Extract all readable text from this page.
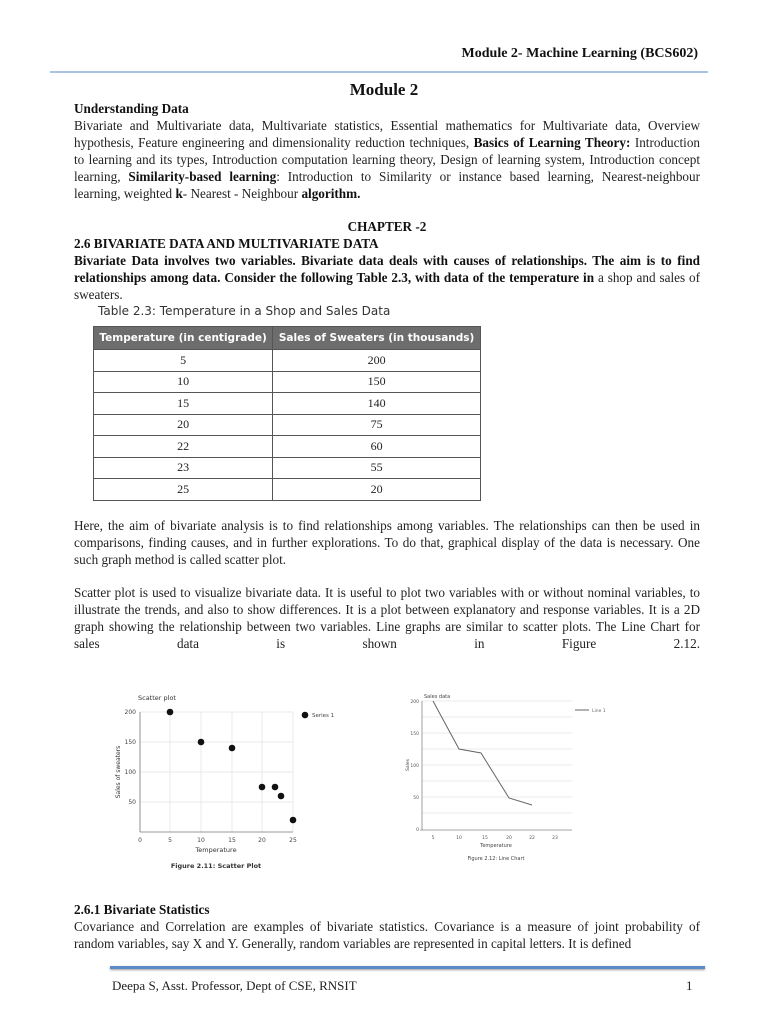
Module 2- Machine Learning (BCS602)
Module 2
Understanding Data
Bivariate and Multivariate data, Multivariate statistics, Essential mathematics for Multivariate data, Overview hypothesis, Feature engineering and dimensionality reduction techniques, Basics of Learning Theory: Introduction to learning and its types, Introduction computation learning theory, Design of learning system, Introduction concept learning, Similarity-based learning: Introduction to Similarity or instance based learning, Nearest-neighbour learning, weighted k- Nearest - Neighbour algorithm.
CHAPTER -2
2.6 BIVARIATE DATA AND MULTIVARIATE DATA
Bivariate Data involves two variables. Bivariate data deals with causes of relationships. The aim is to find relationships among data. Consider the following Table 2.3, with data of the temperature in a shop and sales of sweaters.
Table 2.3: Temperature in a Shop and Sales Data
Temperature (in centigrade)	Sales of Sweaters (in thousands)
5	200
10	150
15	140
20	75
22	60
23	55
25	20
Here, the aim of bivariate analysis is to find relationships among variables. The relationships can then be used in comparisons, finding causes, and in further explorations. To do that, graphical display of the data is necessary. One such graph method is called scatter plot.
Scatter plot is used to visualize bivariate data. It is useful to plot two variables with or without nominal variables, to illustrate the trends, and also to show differences. It is a plot between explanatory and response variables. It is a 2D graph showing the relationship between two variables. Line graphs are similar to scatter plots. The Line Chart for sales data is shown in Figure 2.12.
Scatter plot
200
150
100
50
0	5	10	15	20	25
Temperature
Sales of sweaters
Series 1
Figure 2.11: Scatter Plot
Sales data
200
150
100
50
0
5	10	15	20	22	23
Temperature
Sales
Line 1
Figure 2.12: Line Chart
2.6.1 Bivariate Statistics
Covariance and Correlation are examples of bivariate statistics. Covariance is a measure of joint probability of random variables, say X and Y. Generally, random variables are represented in capital letters. It is defined
Deepa S, Asst. Professor, Dept of CSE, RNSIT	1
